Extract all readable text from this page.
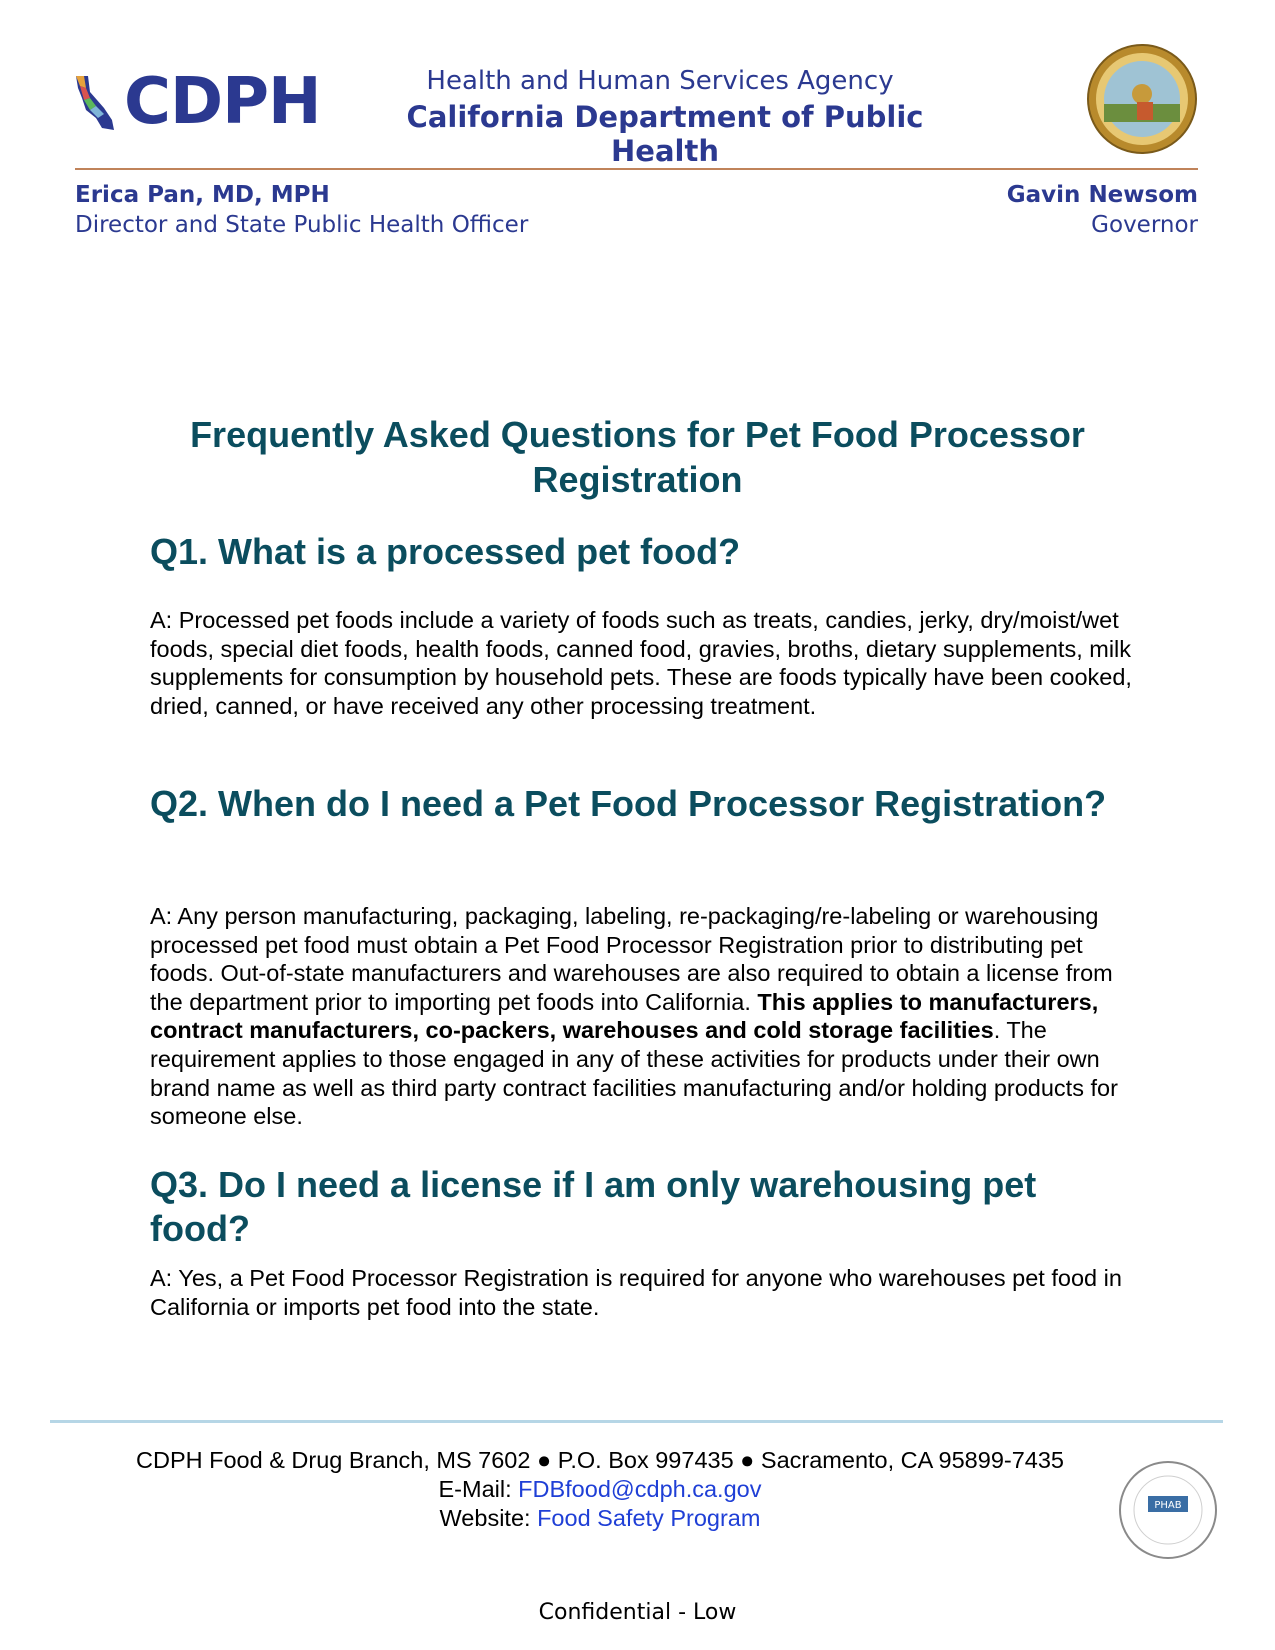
CDPH	Health and Human Services Agency
California Department of Public Health
Erica Pan, MD, MPH
Director and State Public Health Officer
Gavin Newsom
Governor
Frequently Asked Questions for Pet Food Processor Registration
Q1. What is a processed pet food?
A: Processed pet foods include a variety of foods such as treats, candies, jerky, dry/moist/wet foods, special diet foods, health foods, canned food, gravies, broths, dietary supplements, milk supplements for consumption by household pets. These are foods typically have been cooked, dried, canned, or have received any other processing treatment.
Q2. When do I need a Pet Food Processor Registration?
A: Any person manufacturing, packaging, labeling, re-packaging/re-labeling or warehousing processed pet food must obtain a Pet Food Processor Registration prior to distributing pet foods. Out-of-state manufacturers and warehouses are also required to obtain a license from the department prior to importing pet foods into California. This applies to manufacturers, contract manufacturers, co-packers, warehouses and cold storage facilities. The requirement applies to those engaged in any of these activities for products under their own brand name as well as third party contract facilities manufacturing and/or holding products for someone else.
Q3. Do I need a license if I am only warehousing pet food?
A: Yes, a Pet Food Processor Registration is required for anyone who warehouses pet food in California or imports pet food into the state.
CDPH Food & Drug Branch, MS 7602 ● P.O. Box 997435 ● Sacramento, CA 95899-7435
E-Mail: FDBfood@cdph.ca.gov
Website: Food Safety Program	PHAB
Confidential - Low
